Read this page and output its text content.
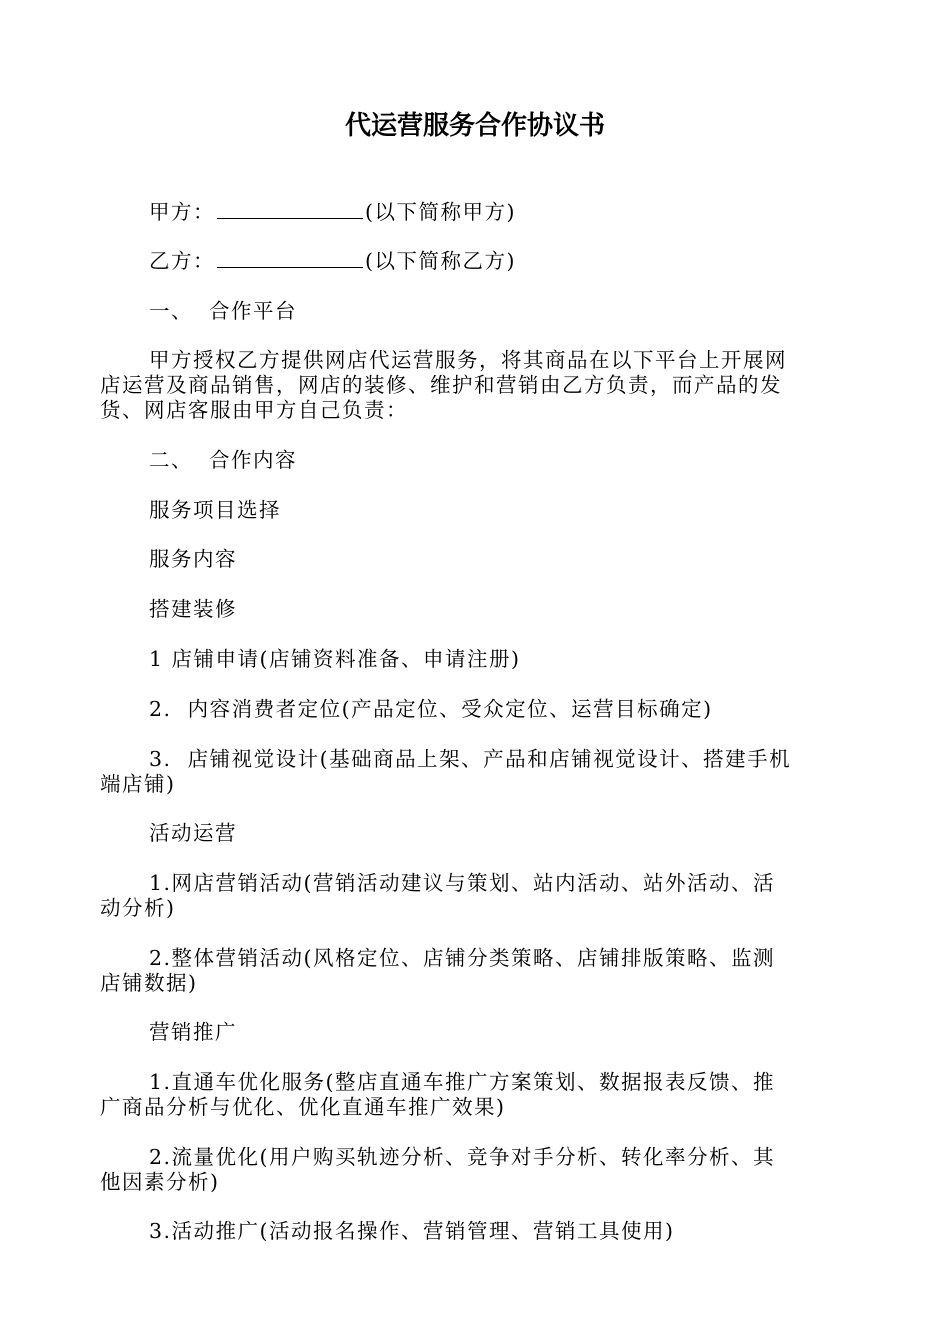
代运营服务合作协议书
甲方：	(以下简称甲方)
乙方：	(以下简称乙方)
一、  合作平台
甲方授权乙方提供网店代运营服务，将其商品在以下平台上开展网
店运营及商品销售，网店的装修、维护和营销由乙方负责，而产品的发
货、网店客服由甲方自己负责：
二、  合作内容
服务项目选择
服务内容
搭建装修
1 店铺申请(店铺资料准备、申请注册)
2.  内容消费者定位(产品定位、受众定位、运营目标确定)
3.  店铺视觉设计(基础商品上架、产品和店铺视觉设计、搭建手机
端店铺)
活动运营
1.网店营销活动(营销活动建议与策划、站内活动、站外活动、活
动分析)
2.整体营销活动(风格定位、店铺分类策略、店铺排版策略、监测
店铺数据)
营销推广
1.直通车优化服务(整店直通车推广方案策划、数据报表反馈、推
广商品分析与优化、优化直通车推广效果)
2.流量优化(用户购买轨迹分析、竞争对手分析、转化率分析、其
他因素分析)
3.活动推广(活动报名操作、营销管理、营销工具使用)
